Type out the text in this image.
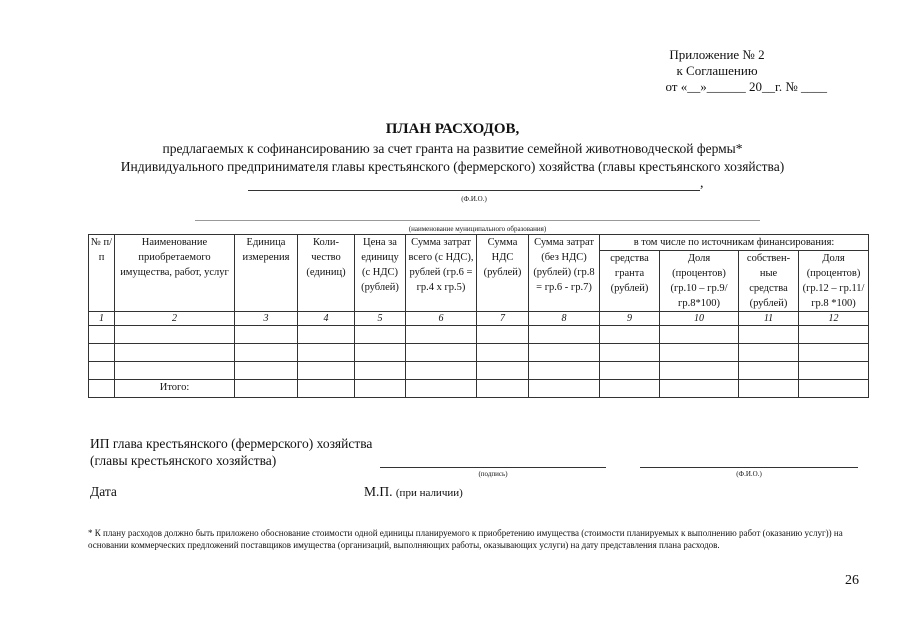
Приложение № 2
к Соглашению
от «__»______ 20__г. № ____
ПЛАН РАСХОДОВ,
предлагаемых к софинансированию за счет гранта на развитие семейной животноводческой фермы*
Индивидуального предпринимателя главы крестьянского (фермерского) хозяйства (главы крестьянского хозяйства)
,
(Ф.И.О.)
(наименование муниципального образования)
№ п/п	Наименование приобретаемого имущества, работ, услуг	Единица измерения	Коли-чество (единиц)	Цена за единицу (с НДС) (рублей)	Сумма затрат всего (с НДС), рублей (гр.6 = гр.4 х гр.5)	Сумма НДС (рублей)	Сумма затрат (без НДС) (рублей) (гр.8 = гр.6 - гр.7)	в том числе по источникам финансирования:			
								средства гранта (рублей)	Доля (процентов) (гр.10 – гр.9/гр.8*100)	собствен-ные средства (рублей)	Доля (процентов) (гр.12 – гр.11/гр.8 *100)
1	2	3	4	5	6	7	8	9	10	11	12

	Итого:										
ИП глава крестьянского (фермерского) хозяйства
(главы крестьянского хозяйства)
(подпись)	(Ф.И.О.)
Дата	М.П. (при наличии)
* К плану расходов должно быть приложено обоснование стоимости одной единицы планируемого к приобретению имущества (стоимости планируемых к выполнению работ (оказанию услуг)) на основании коммерческих предложений поставщиков имущества (организаций, выполняющих работы, оказывающих услуги) на дату представления плана расходов.
26
